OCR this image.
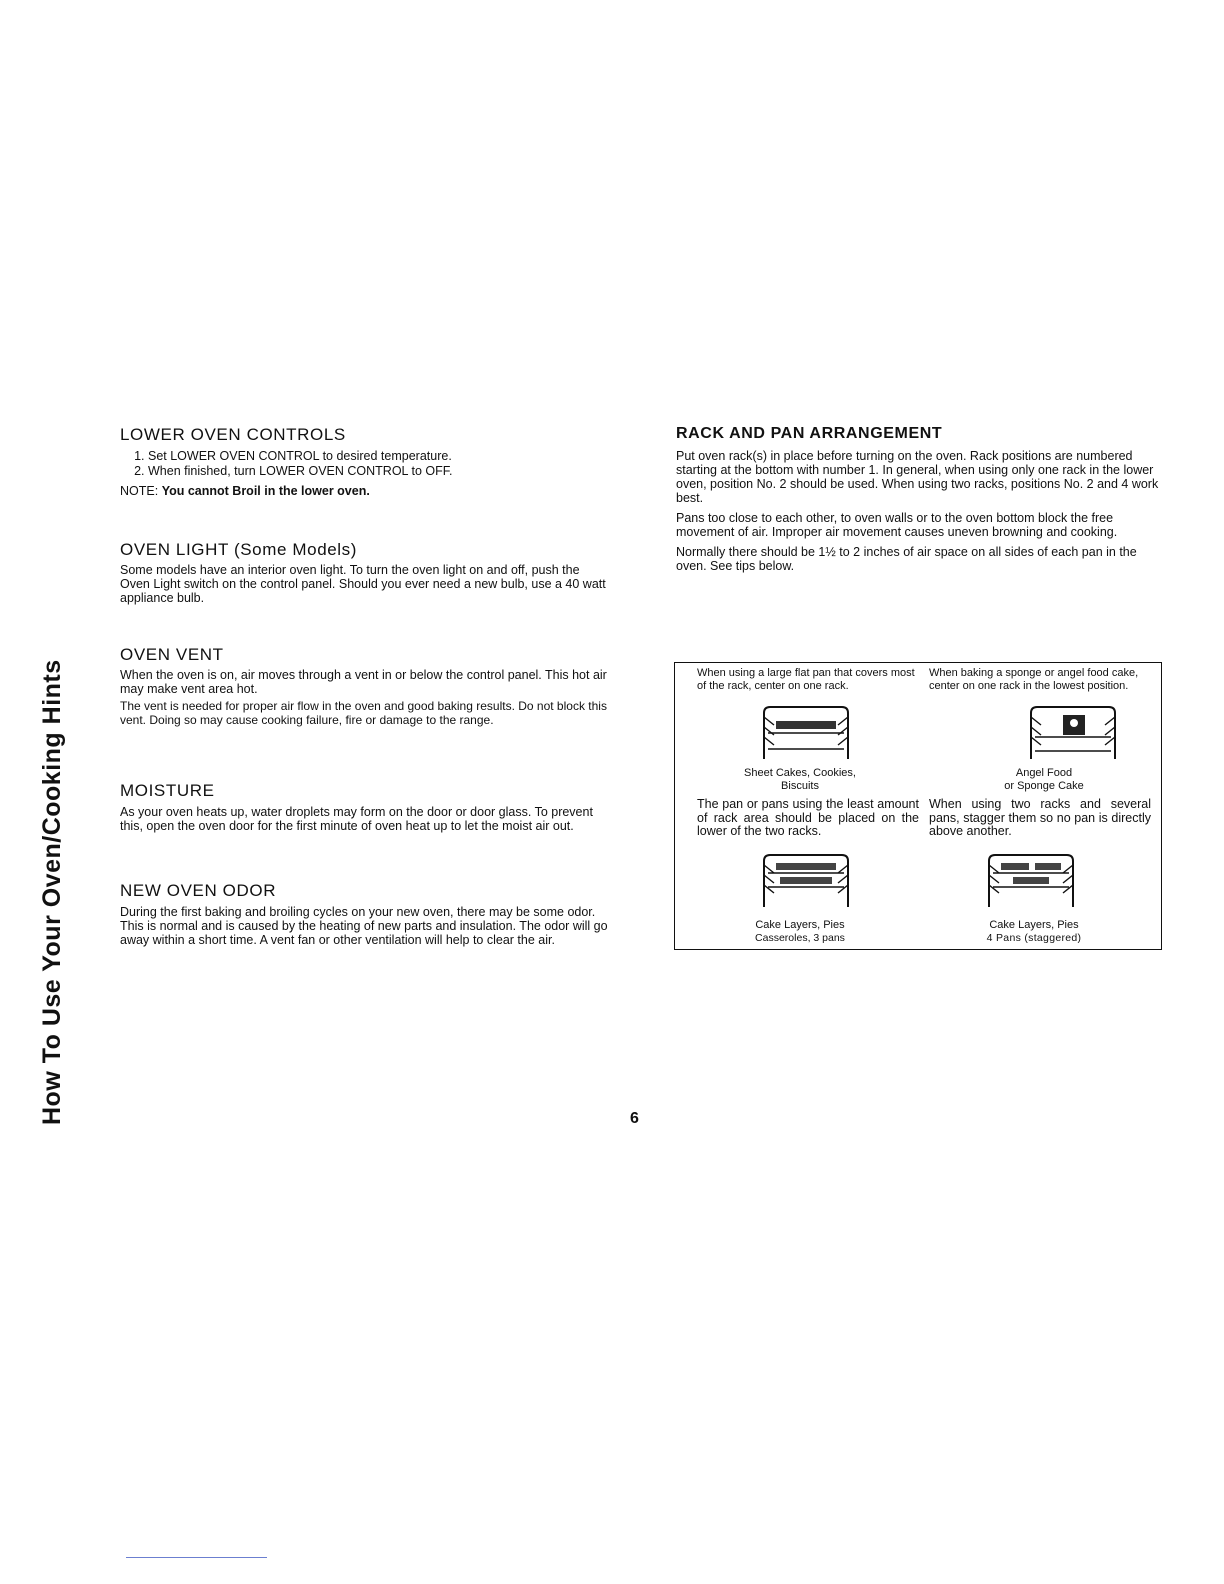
How To Use Your Oven/Cooking Hints
LOWER OVEN CONTROLS
1. Set LOWER OVEN CONTROL to desired temperature.
2. When finished, turn LOWER OVEN CONTROL to OFF.
NOTE: You cannot Broil in the lower oven.
OVEN LIGHT (Some Models)

Some models have an interior oven light. To turn the oven light on and off, push the Oven Light switch on the control panel. Should you ever need a new bulb, use a 40 watt appliance bulb.

OVEN VENT

When the oven is on, air moves through a vent in or below the control panel. This hot air may make vent area hot.

The vent is needed for proper air flow in the oven and good baking results. Do not block this vent. Doing so may cause cooking failure, fire or damage to the range.

MOISTURE

As your oven heats up, water droplets may form on the door or door glass. To prevent this, open the oven door for the first minute of oven heat up to let the moist air out.

NEW OVEN ODOR

During the first baking and broiling cycles on your new oven, there may be some odor. This is normal and is caused by the heating of new parts and insulation. The odor will go away within a short time. A vent fan or other ventilation will help to clear the air.

RACK AND PAN ARRANGEMENT

Put oven rack(s) in place before turning on the oven. Rack positions are numbered starting at the bottom with number 1. In general, when using only one rack in the lower oven, position No. 2 should be used. When using two racks, positions No. 2 and 4 work best.

Pans too close to each other, to oven walls or to the oven bottom block the free movement of air. Improper air movement causes uneven browning and cooking.

Normally there should be 1½ to 2 inches of air space on all sides of each pan in the oven. See tips below.

When using a large flat pan that covers most of the rack, center on one rack.
Sheet Cakes, Cookies,
Biscuits
When baking a sponge or angel food cake, center on one rack in the lowest position.
Angel Food
or Sponge Cake
The pan or pans using the least amount of rack area should be placed on the lower of the two racks.
Cake Layers, Pies
Casseroles, 3 pans
When using two racks and several pans, stagger them so no pan is directly above another.
Cake Layers, Pies
4 Pans (staggered)
6
